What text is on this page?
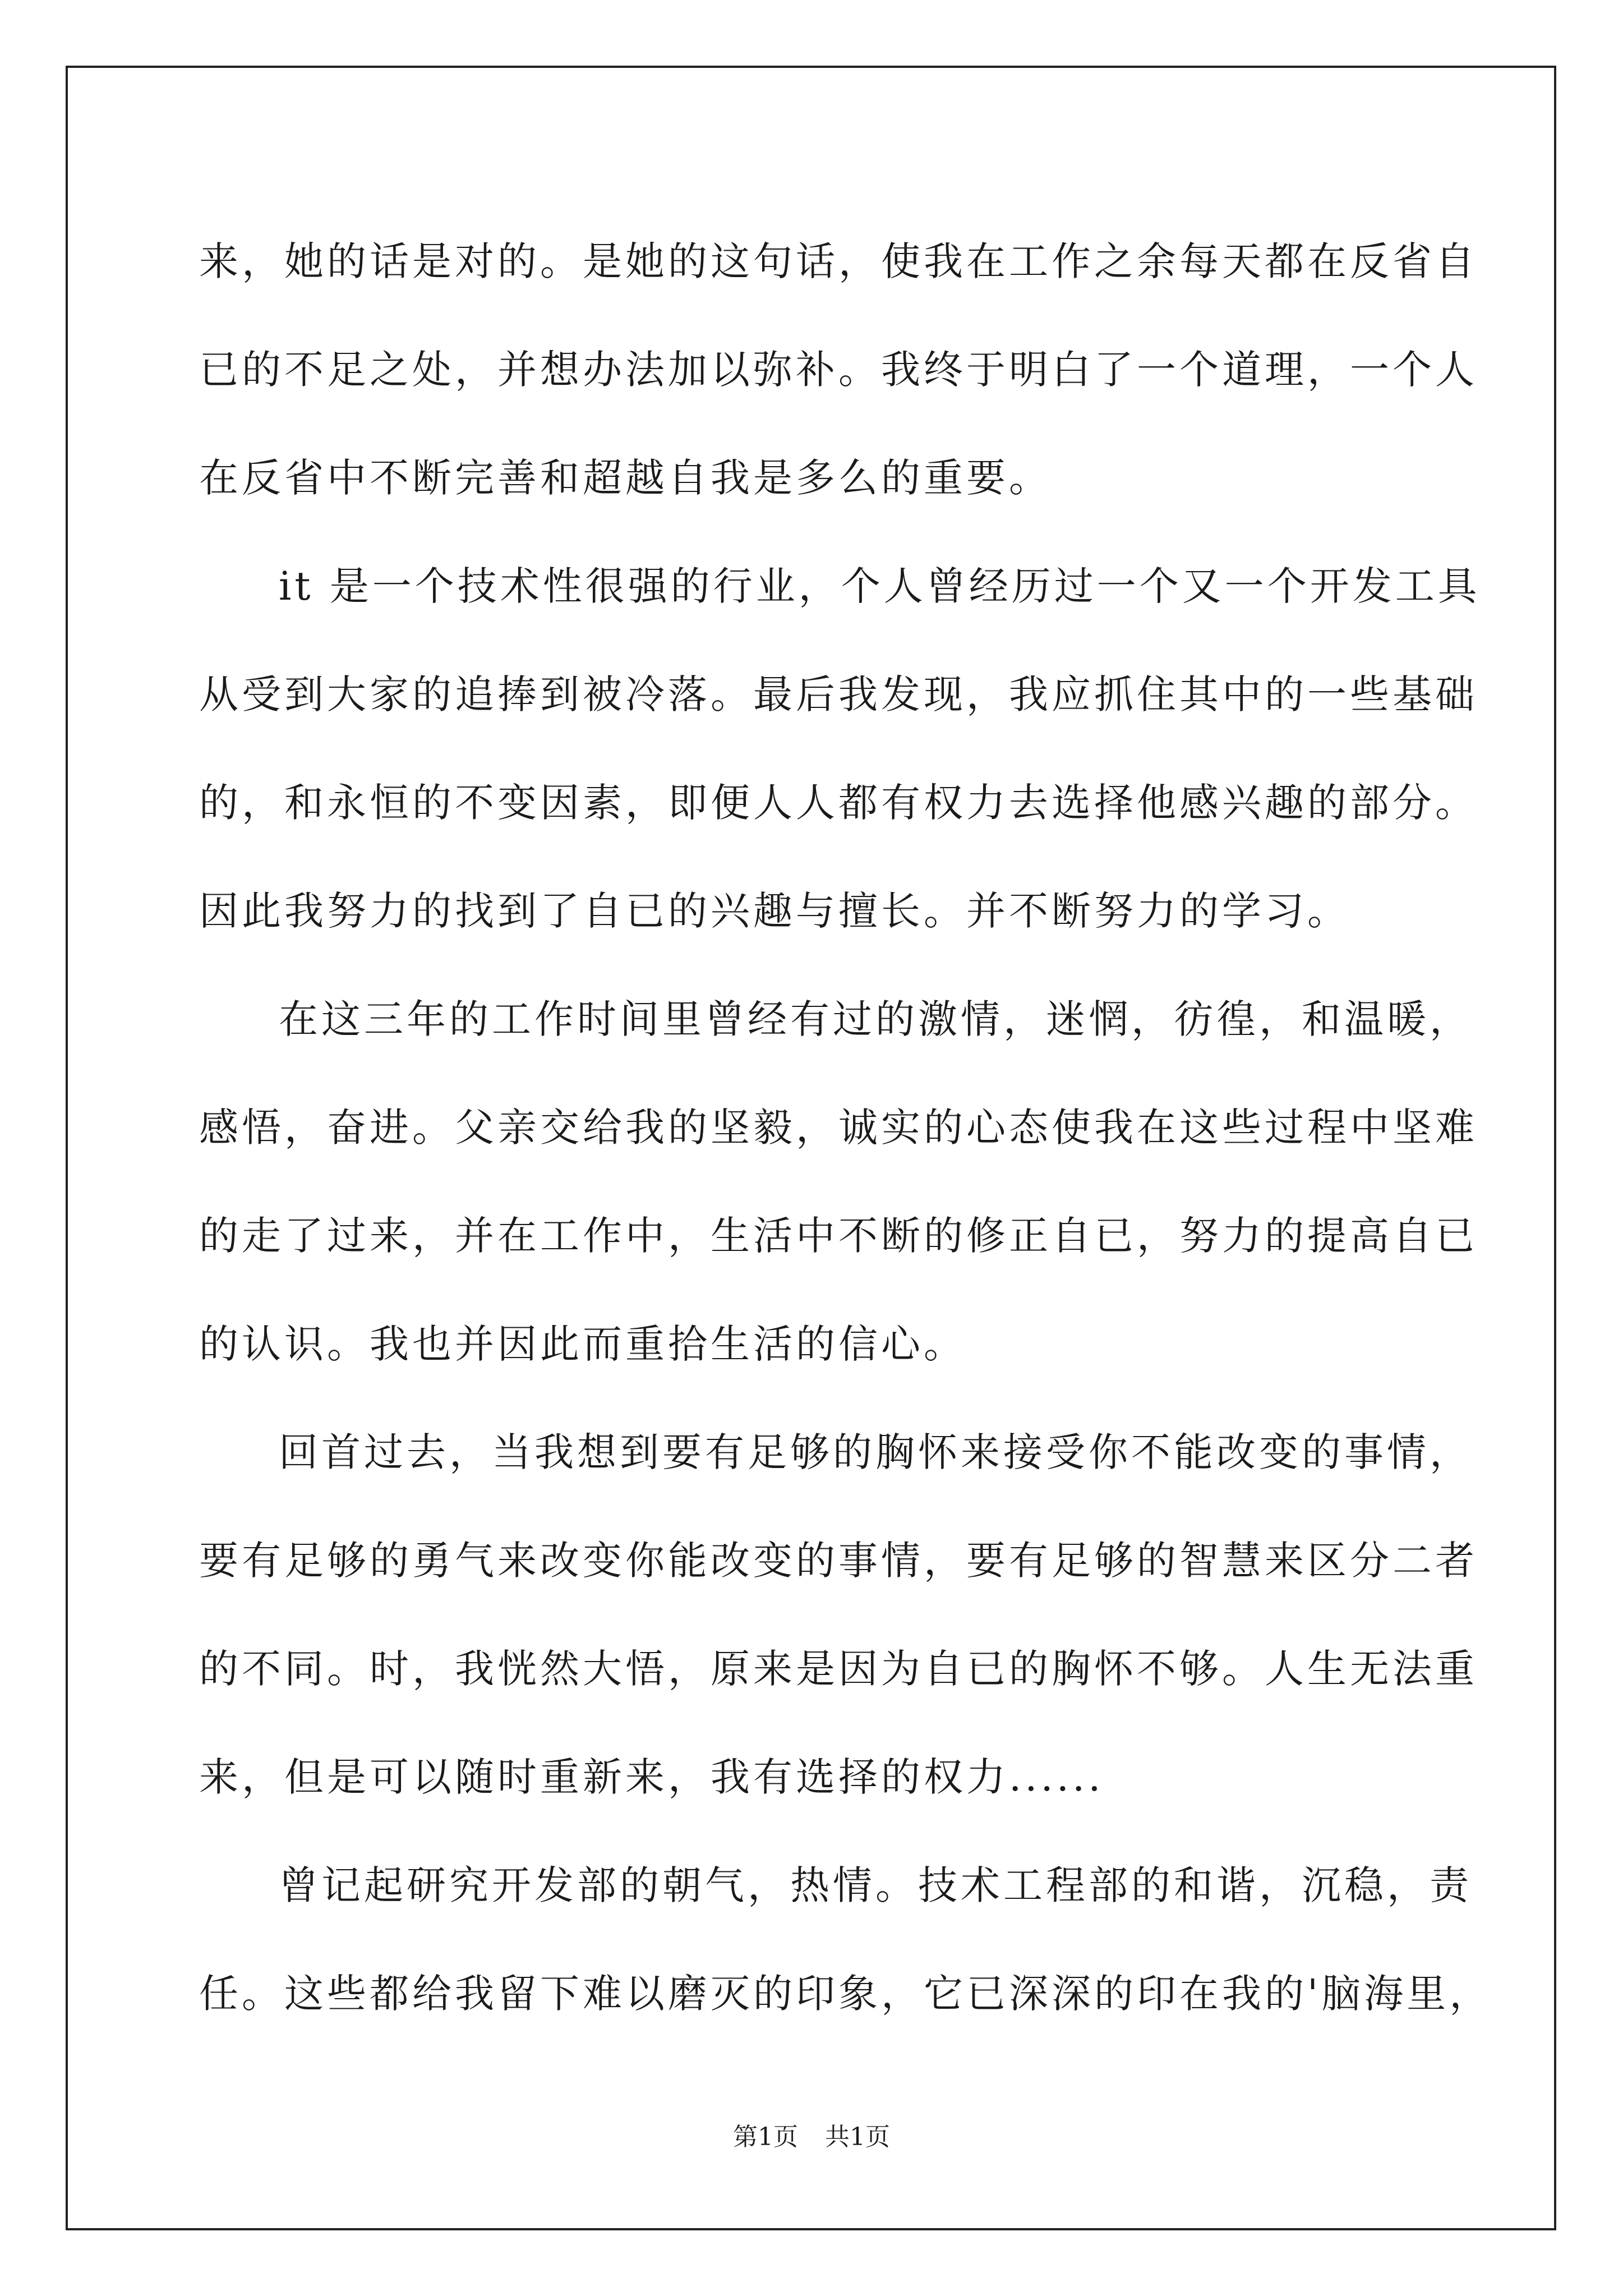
来，她的话是对的。是她的这句话，使我在工作之余每天都在反省自
已的不足之处，并想办法加以弥补。我终于明白了一个道理，一个人
在反省中不断完善和超越自我是多么的重要。
it 是一个技术性很强的行业，个人曾经历过一个又一个开发工具
从受到大家的追捧到被冷落。最后我发现，我应抓住其中的一些基础
的，和永恒的不变因素，即便人人都有权力去选择他感兴趣的部分。
因此我努力的找到了自已的兴趣与擅长。并不断努力的学习。
在这三年的工作时间里曾经有过的激情，迷惘，彷徨，和温暖，
感悟，奋进。父亲交给我的坚毅，诚实的心态使我在这些过程中坚难
的走了过来，并在工作中，生活中不断的修正自已，努力的提高自已
的认识。我也并因此而重拾生活的信心。
回首过去，当我想到要有足够的胸怀来接受你不能改变的事情，
要有足够的勇气来改变你能改变的事情，要有足够的智慧来区分二者
的不同。时，我恍然大悟，原来是因为自已的胸怀不够。人生无法重
来，但是可以随时重新来，我有选择的权力......
曾记起研究开发部的朝气，热情。技术工程部的和谐，沉稳，责
任。这些都给我留下难以磨灭的印象，它已深深的印在我的'脑海里，
第1页 共1页
